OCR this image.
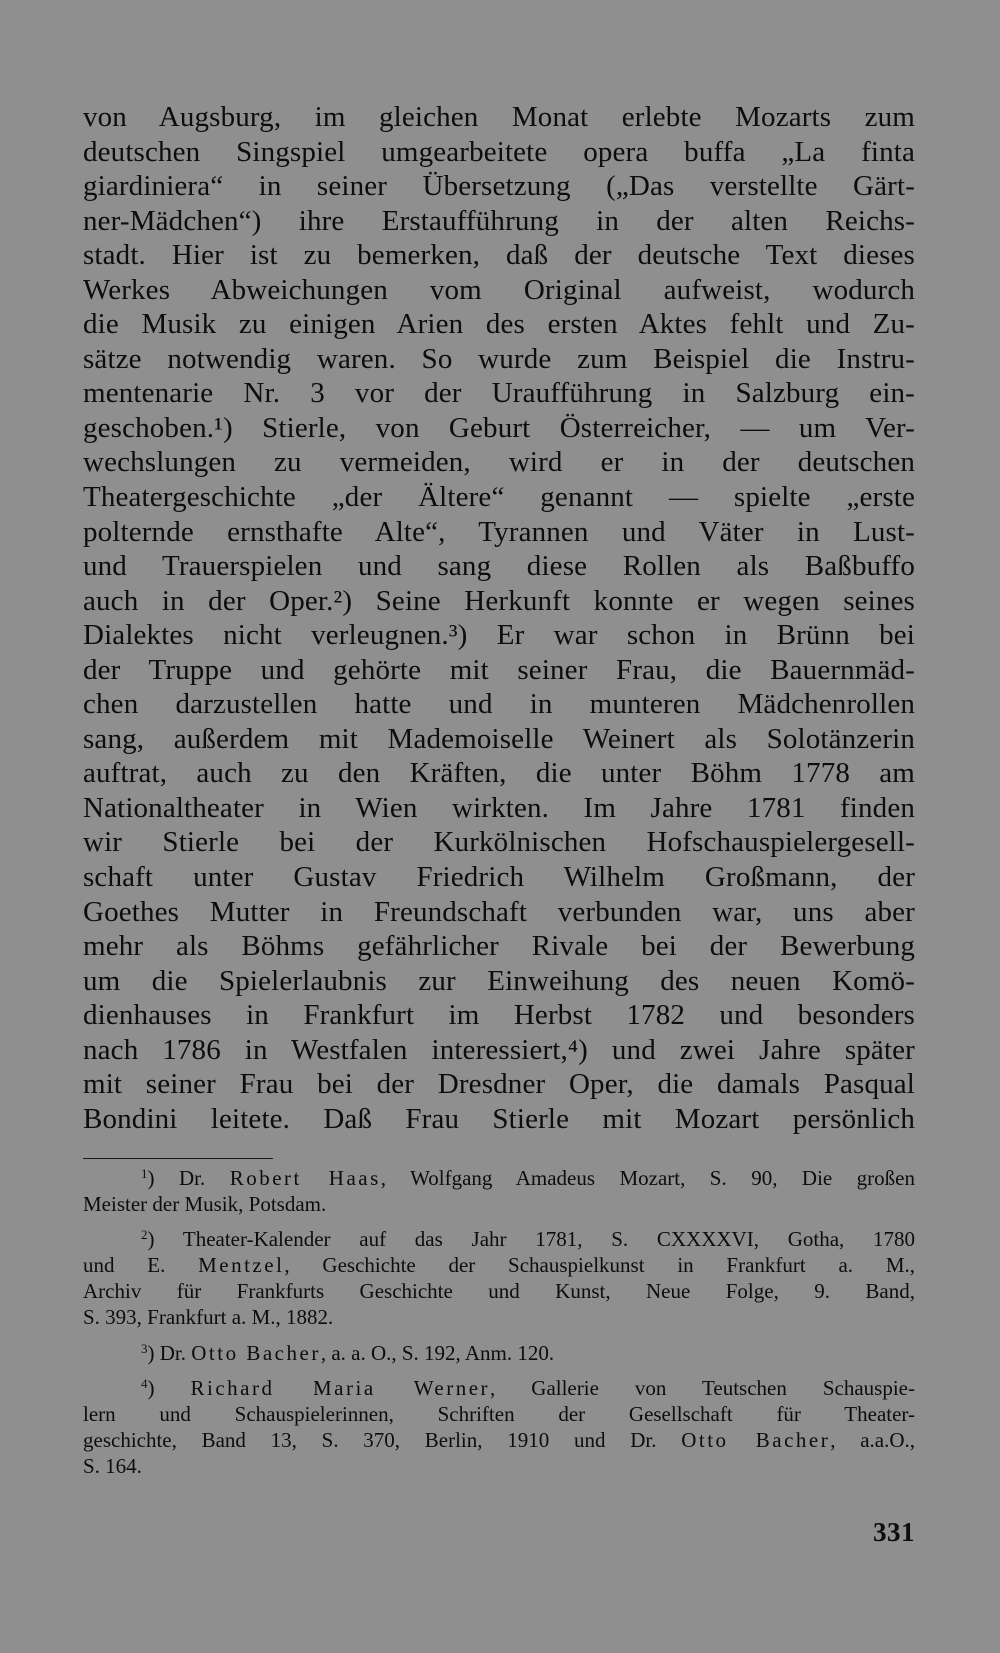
von Augsburg, im gleichen Monat erlebte Mozarts zum
deutschen Singspiel umgearbeitete opera buffa „La finta
giardiniera“ in seiner Übersetzung („Das verstellte Gärt-
ner-Mädchen“) ihre Erstaufführung in der alten Reichs-
stadt. Hier ist zu bemerken, daß der deutsche Text dieses
Werkes Abweichungen vom Original aufweist, wodurch
die Musik zu einigen Arien des ersten Aktes fehlt und Zu-
sätze notwendig waren. So wurde zum Beispiel die Instru-
mentenarie Nr. 3 vor der Uraufführung in Salzburg ein-
geschoben.¹) Stierle, von Geburt Österreicher, — um Ver-
wechslungen zu vermeiden, wird er in der deutschen
Theatergeschichte „der Ältere“ genannt — spielte „erste
polternde ernsthafte Alte“, Tyrannen und Väter in Lust-
und Trauerspielen und sang diese Rollen als Baßbuffo
auch in der Oper.²) Seine Herkunft konnte er wegen seines
Dialektes nicht verleugnen.³) Er war schon in Brünn bei
der Truppe und gehörte mit seiner Frau, die Bauernmäd-
chen darzustellen hatte und in munteren Mädchenrollen
sang, außerdem mit Mademoiselle Weinert als Solotänzerin
auftrat, auch zu den Kräften, die unter Böhm 1778 am
Nationaltheater in Wien wirkten. Im Jahre 1781 finden
wir Stierle bei der Kurkölnischen Hofschauspielergesell-
schaft unter Gustav Friedrich Wilhelm Großmann, der
Goethes Mutter in Freundschaft verbunden war, uns aber
mehr als Böhms gefährlicher Rivale bei der Bewerbung
um die Spielerlaubnis zur Einweihung des neuen Komö-
dienhauses in Frankfurt im Herbst 1782 und besonders
nach 1786 in Westfalen interessiert,⁴) und zwei Jahre später
mit seiner Frau bei der Dresdner Oper, die damals Pasqual
Bondini leitete. Daß Frau Stierle mit Mozart persönlich
$^1$) Dr. Robert Haas, Wolfgang Amadeus Mozart, S. 90, Die großen
Meister der Musik, Potsdam.
$^2$) Theater-Kalender auf das Jahr 1781, S. CXXXXVI, Gotha, 1780
und E. Mentzel, Geschichte der Schauspielkunst in Frankfurt a. M.,
Archiv für Frankfurts Geschichte und Kunst, Neue Folge, 9. Band,
S. 393, Frankfurt a. M., 1882.
$^3$) Dr. Otto Bacher, a. a. O., S. 192, Anm. 120.
$^4$) Richard Maria Werner, Gallerie von Teutschen Schauspie-
lern und Schauspielerinnen, Schriften der Gesellschaft für Theater-
geschichte, Band 13, S. 370, Berlin, 1910 und Dr. Otto Bacher, a.a.O.,
S. 164.
331
